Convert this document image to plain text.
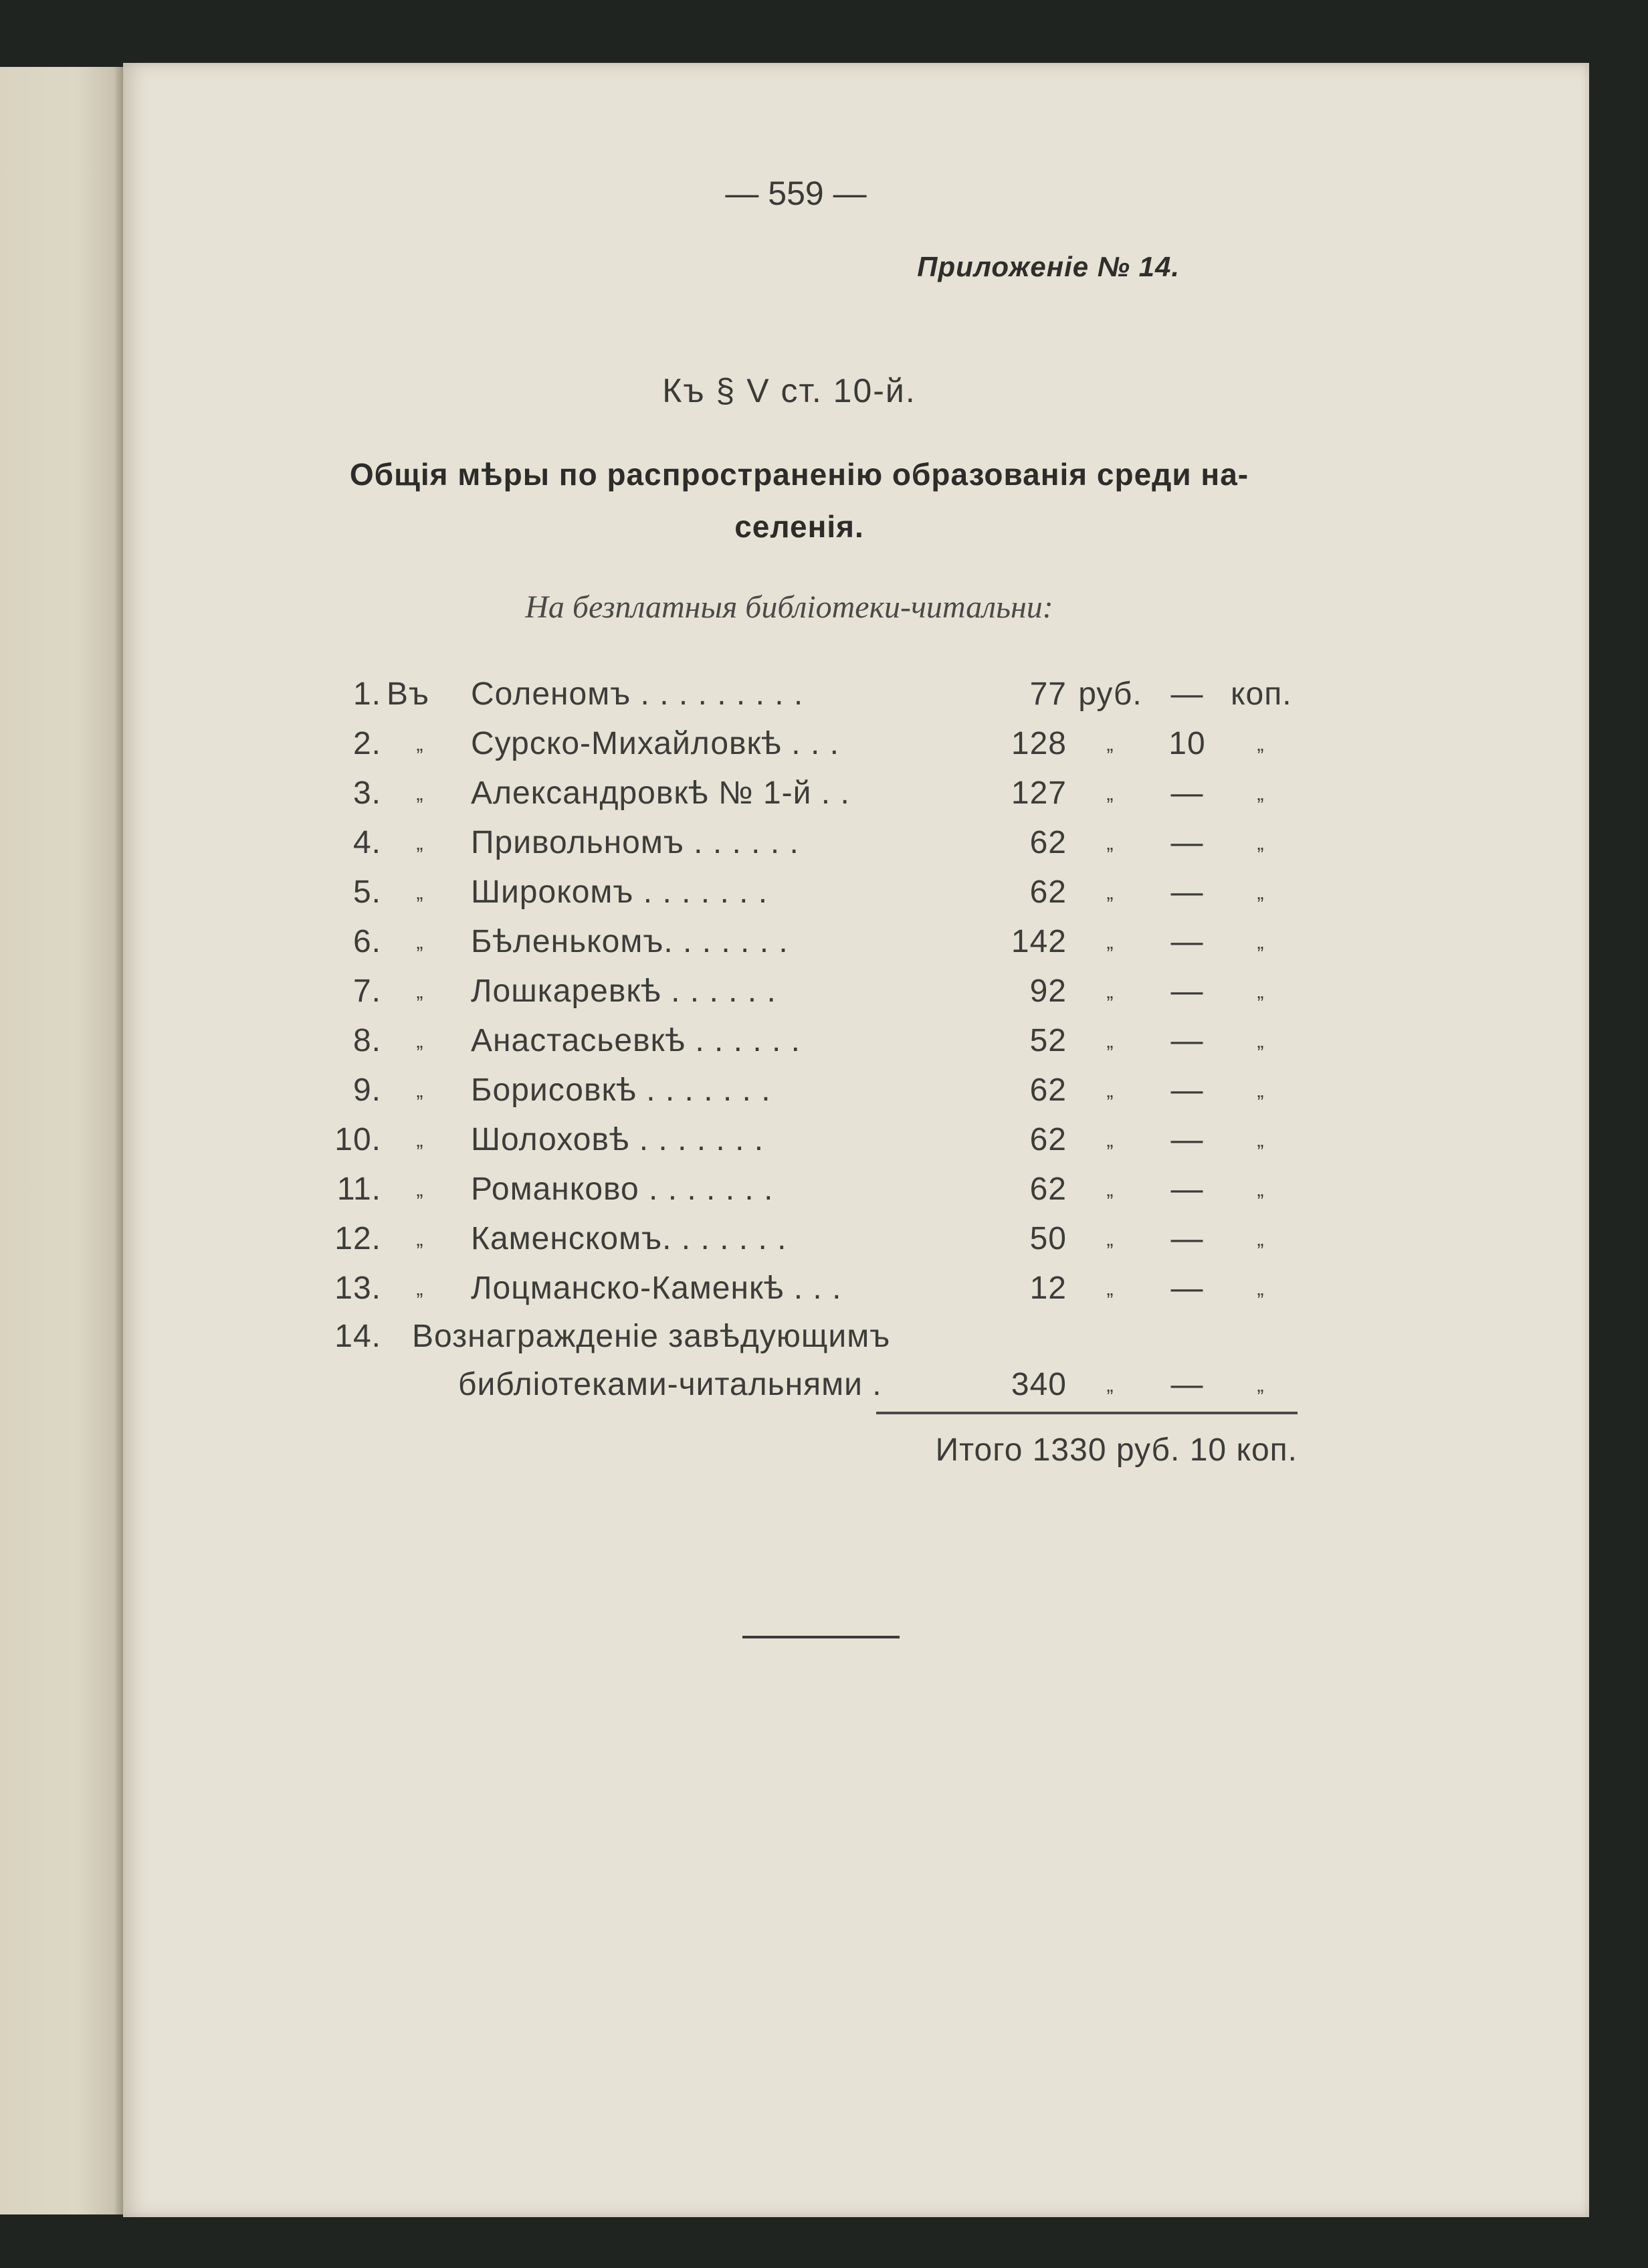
— 559 —
Приложенiе № 14.
Къ § V ст. 10-й.
Общiя мѣры по распространенiю образованiя среди на-селенiя.
На безплатныя библiотеки-читальни:
1. Въ Соленомъ . . . . . . . . .	77 руб. — коп.
2.	„	Сурско-Михайловкѣ . . .	128	„	10	„
3.	„	Александровкѣ № 1-й . .	127	„	—	„
4.	„	Привольномъ . . . . . .	62	„	—	„
5.	„	Широкомъ . . . . . . .	62	„	—	„
6.	„	Бѣленькомъ. . . . . . .	142	„	—	„
7.	„	Лошкаревкѣ . . . . . .	92	„	—	„
8.	„	Анастасьевкѣ . . . . . .	52	„	—	„
9.	„	Борисовкѣ . . . . . . .	62	„	—	„
10.	„	Шолоховѣ . . . . . . .	62	„	—	„
11.	„	Романково . . . . . . .	62	„	—	„
12.	„	Каменскомъ. . . . . . .	50	„	—	„
13.	„	Лоцманско-Каменкѣ . . .	12	„	—	„
14. Вознагражденiе завѣдующимъ
библiотеками-читальнями .	340	„	—	„
Итого 1330 руб. 10 коп.
